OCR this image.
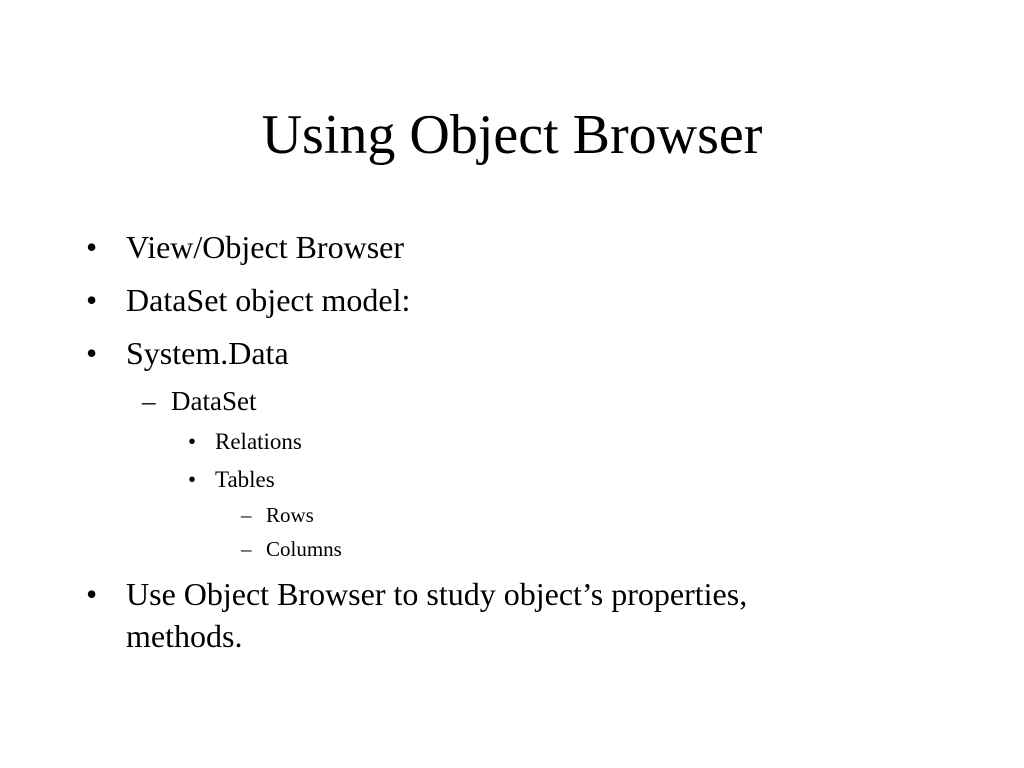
Using Object Browser
• View/Object Browser
• DataSet object model:
• System.Data
– DataSet
• Relations
• Tables
– Rows
– Columns
• Use Object Browser to study object’s properties,
methods.
